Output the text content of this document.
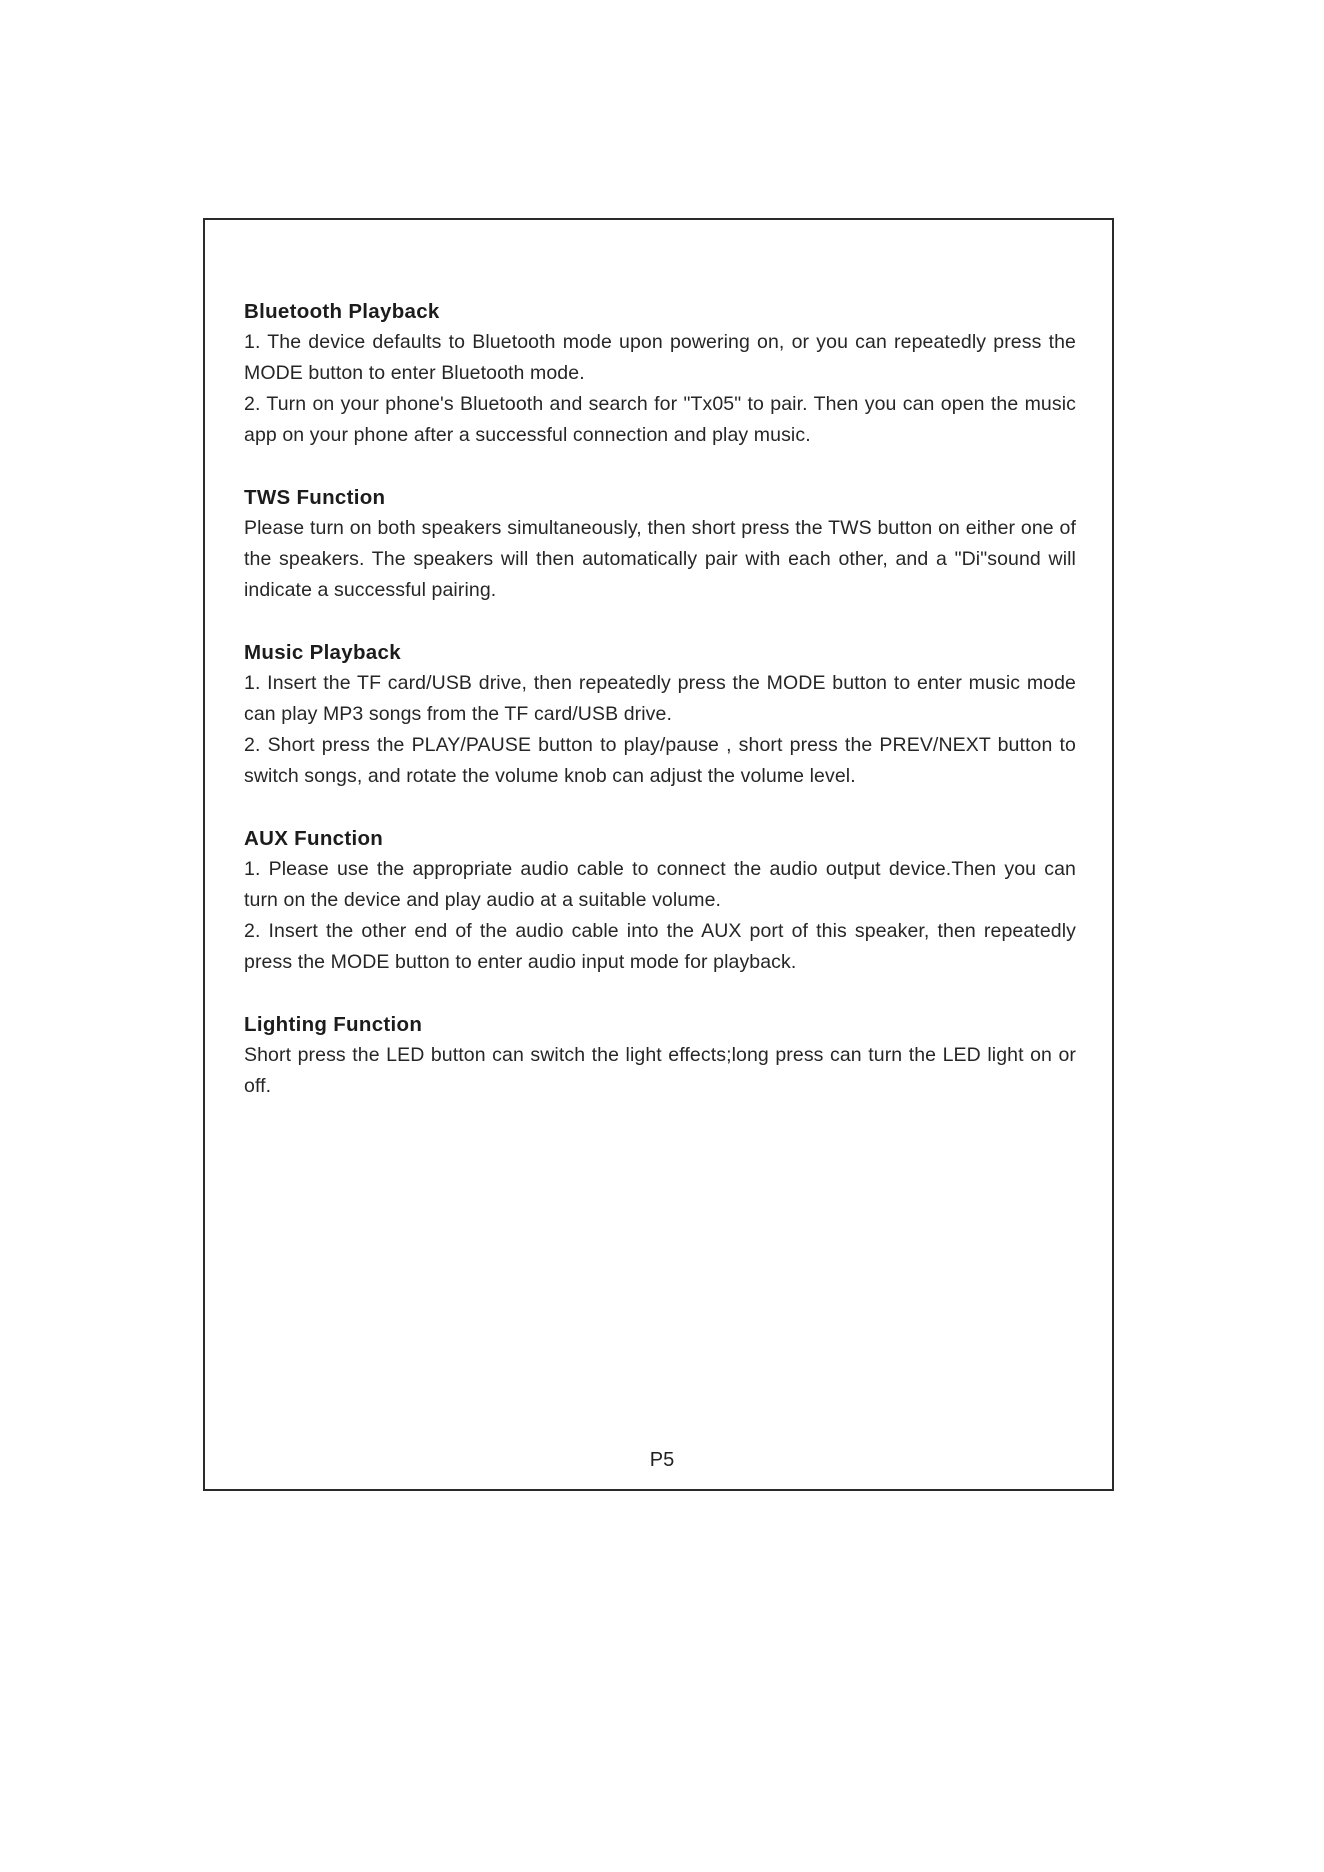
Bluetooth Playback

1. The device defaults to Bluetooth mode upon powering on, or you can repeatedly press the MODE button to enter Bluetooth mode.

2. Turn on your phone's Bluetooth and search for "Tx05" to pair. Then you can open the music app on your phone after a successful connection and play music.

TWS Function

Please turn on both speakers simultaneously, then short press the TWS button on either one of the speakers. The speakers will then automatically pair with each other, and a "Di"sound will indicate a successful pairing.

Music Playback

1. Insert the TF card/USB drive, then repeatedly press the MODE button to enter music mode can play MP3 songs from the TF card/USB drive.

2. Short press the PLAY/PAUSE button to play/pause , short press the PREV/NEXT button to switch songs, and rotate the volume knob can adjust the volume level.

AUX Function

1. Please use the appropriate audio cable to connect the audio output device.Then you can turn on the device and play audio at a suitable volume.

2. Insert the other end of the audio cable into the AUX port of this speaker, then repeatedly press the MODE button to enter audio input mode for playback.

Lighting Function

Short press the LED button can switch the light effects;long press can turn the LED light on or off.

P5
